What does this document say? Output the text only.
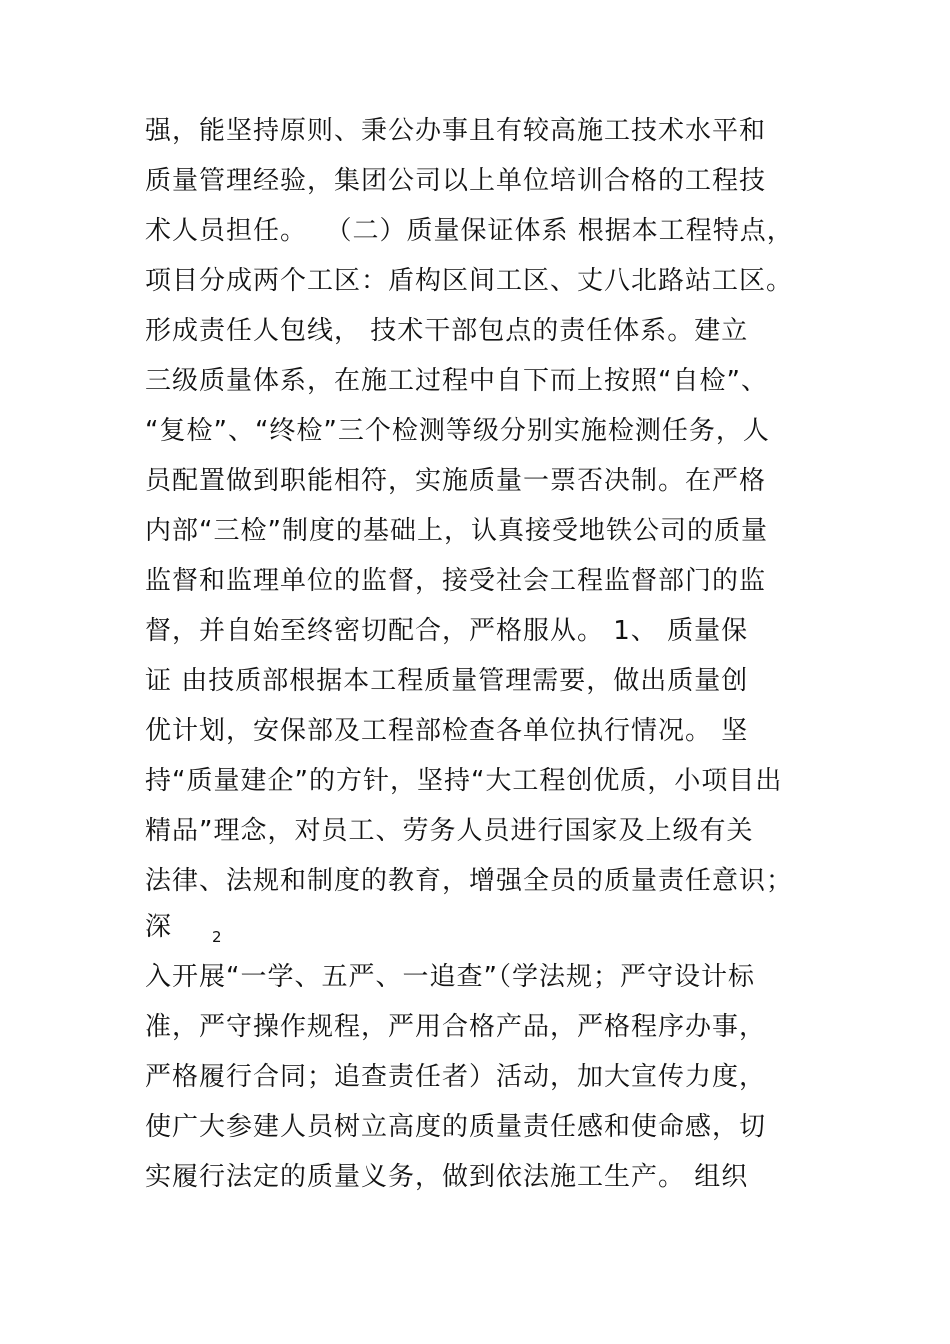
强，能坚持原则、秉公办事且有较高施工技术水平和
质量管理经验，集团公司以上单位培训合格的工程技
术人员担任。  （二）质量保证体系 根据本工程特点，
项目分成两个工区：盾构区间工区、丈八北路站工区。
形成责任人包线， 技术干部包点的责任体系。建立
三级质量体系，在施工过程中自下而上按照“自检”、
“复检”、“终检”三个检测等级分别实施检测任务，人
员配置做到职能相符，实施质量一票否决制。在严格
内部“三检”制度的基础上，认真接受地铁公司的质量
监督和监理单位的监督，接受社会工程监督部门的监
督，并自始至终密切配合，严格服从。 1、 质量保
证 由技质部根据本工程质量管理需要，做出质量创
优计划，安保部及工程部检查各单位执行情况。 坚
持“质量建企”的方针，坚持“大工程创优质，小项目出
精品”理念，对员工、劳务人员进行国家及上级有关
法律、法规和制度的教育，增强全员的质量责任意识；
深	2
入开展“一学、五严、一追查”（学法规；严守设计标
准，严守操作规程，严用合格产品，严格程序办事，
严格履行合同；追查责任者）活动，加大宣传力度，
使广大参建人员树立高度的质量责任感和使命感，切
实履行法定的质量义务，做到依法施工生产。 组织
